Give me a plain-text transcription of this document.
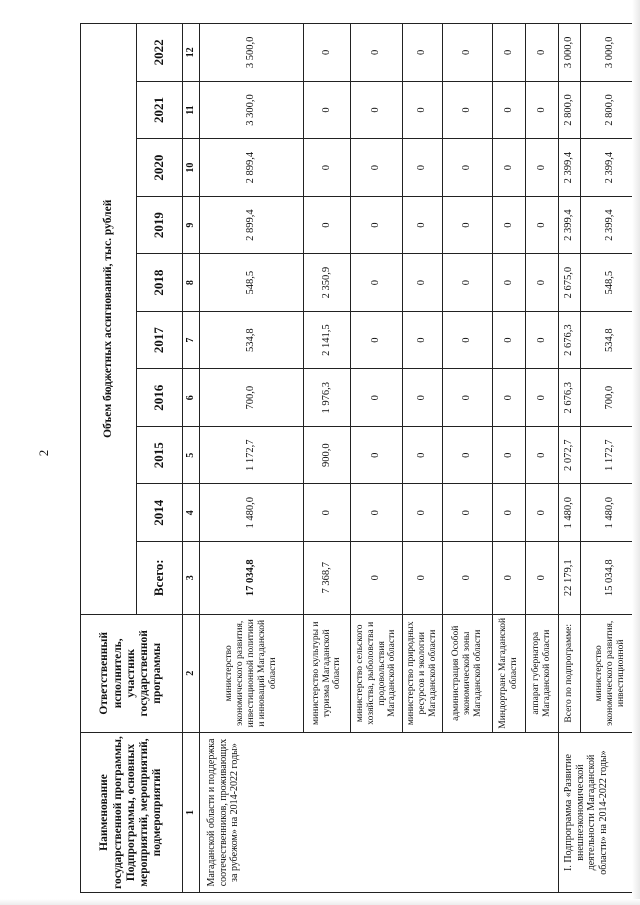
2
Наименование государственной программы, Подпрограммы, основных мероприятий, мероприятий, подмероприятий	Ответственный исполнитель, участник государственной программы	Объем бюджетных ассигнований, тыс. рублей									
		Всего:	2014	2015	2016	2017	2018	2019	2020	2021	2022
1	2	3	4	5	6	7	8	9	10	11	12
Магаданской области и поддержка соотечественников, проживающих за рубежом» на 2014-2022 годы»	министерство экономического развития, инвестиционной политики и инноваций Магаданской области	17 034,8	1 480,0	1 172,7	700,0	534,8	548,5	2 899,4	2 899,4	3 300,0	3 500,0
	министерство культуры и туризма Магаданской области	7 368,7	0	900,0	1 976,3	2 141,5	2 350,9	0	0	0	0
	министерство сельского хозяйства, рыболовства и продовольствия Магаданской области	0	0	0	0	0	0	0	0	0	0
	министерство природных ресурсов и экологии Магаданской области	0	0	0	0	0	0	0	0	0	0
	администрация Особой экономической зоны Магаданской области	0	0	0	0	0	0	0	0	0	0
	Миндортранс Магаданской области	0	0	0	0	0	0	0	0	0	0
	аппарат губернатора Магаданской области	0	0	0	0	0	0	0	0	0	0
I. Подпрограмма «Развитие внешнеэкономической деятельности Магаданской области» на 2014-2022 годы»	Всего по подпрограмме:	22 179,1	1 480,0	2 072,7	2 676,3	2 676,3	2 675,0	2 399,4	2 399,4	2 800,0	3 000,0
	министерство экономического развития, инвестиционной	15 034,8	1 480,0	1 172,7	700,0	534,8	548,5	2 399,4	2 399,4	2 800,0	3 000,0
